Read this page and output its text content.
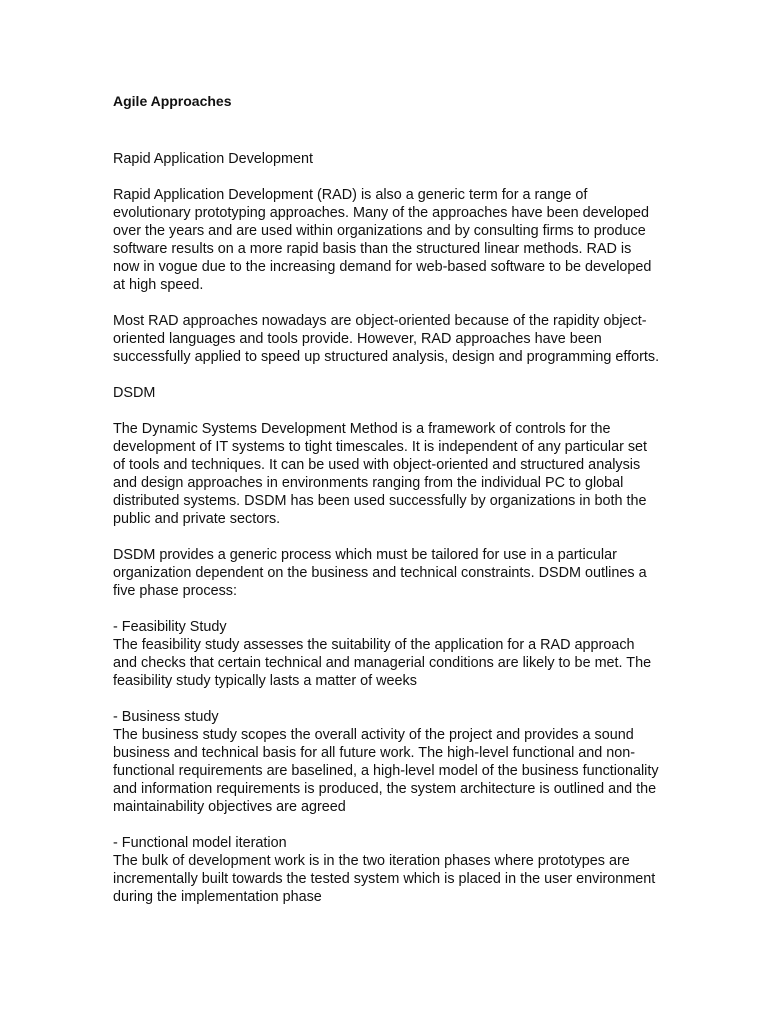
Agile Approaches

Rapid Application Development

Rapid Application Development (RAD) is also a generic term for a range of evolutionary prototyping approaches. Many of the approaches have been developed over the years and are used within organizations and by consulting firms to produce software results on a more rapid basis than the structured linear methods. RAD is now in vogue due to the increasing demand for web-based software to be developed at high speed.

Most RAD approaches nowadays are object-oriented because of the rapidity object-oriented languages and tools provide. However, RAD approaches have been successfully applied to speed up structured analysis, design and programming efforts.

DSDM

The Dynamic Systems Development Method is a framework of controls for the development of IT systems to tight timescales. It is independent of any particular set of tools and techniques. It can be used with object-oriented and structured analysis and design approaches in environments ranging from the individual PC to global distributed systems. DSDM has been used successfully by organizations in both the public and private sectors.

DSDM provides a generic process which must be tailored for use in a particular organization dependent on the business and technical constraints. DSDM outlines a five phase process:

- Feasibility Study

The feasibility study assesses the suitability of the application for a RAD approach and checks that certain technical and managerial conditions are likely to be met. The feasibility study typically lasts a matter of weeks

- Business study

The business study scopes the overall activity of the project and provides a sound business and technical basis for all future work. The high-level functional and non-functional requirements are baselined, a high-level model of the business functionality and information requirements is produced, the system architecture is outlined and the maintainability objectives are agreed

- Functional model iteration

The bulk of development work is in the two iteration phases where prototypes are incrementally built towards the tested system which is placed in the user environment during the implementation phase
